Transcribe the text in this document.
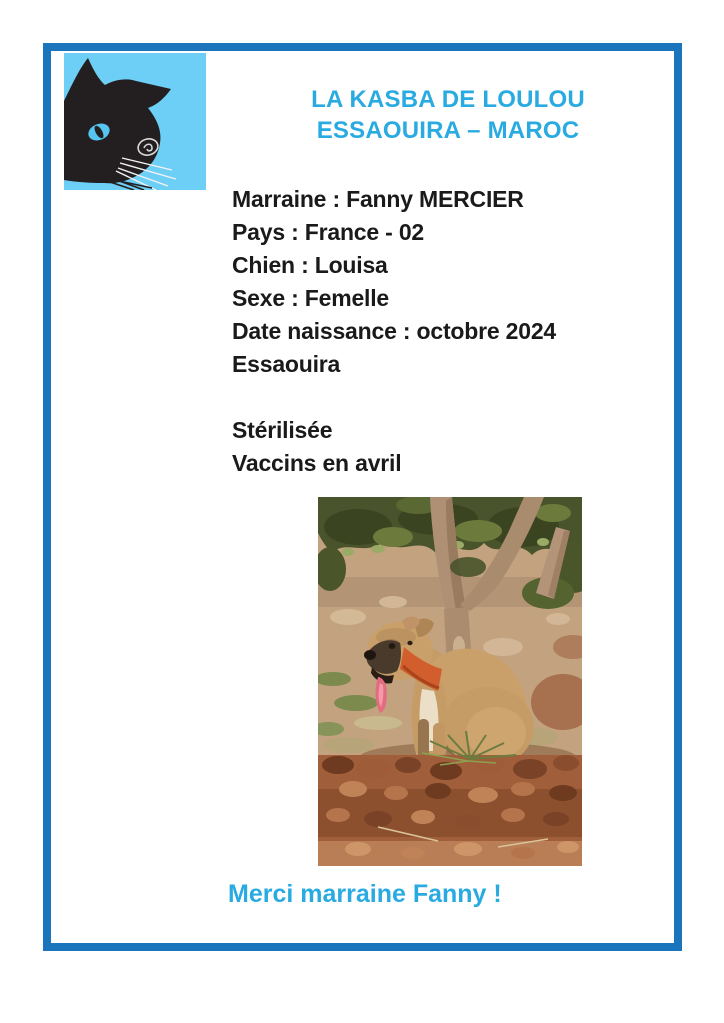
LA KASBA DE LOULOU
ESSAOUIRA – MAROC
Marraine : Fanny MERCIER
Pays : France - 02
Chien : Louisa
Sexe : Femelle
Date naissance : octobre 2024
Essaouira
Stérilisée
Vaccins en avril
Merci marraine Fanny !
